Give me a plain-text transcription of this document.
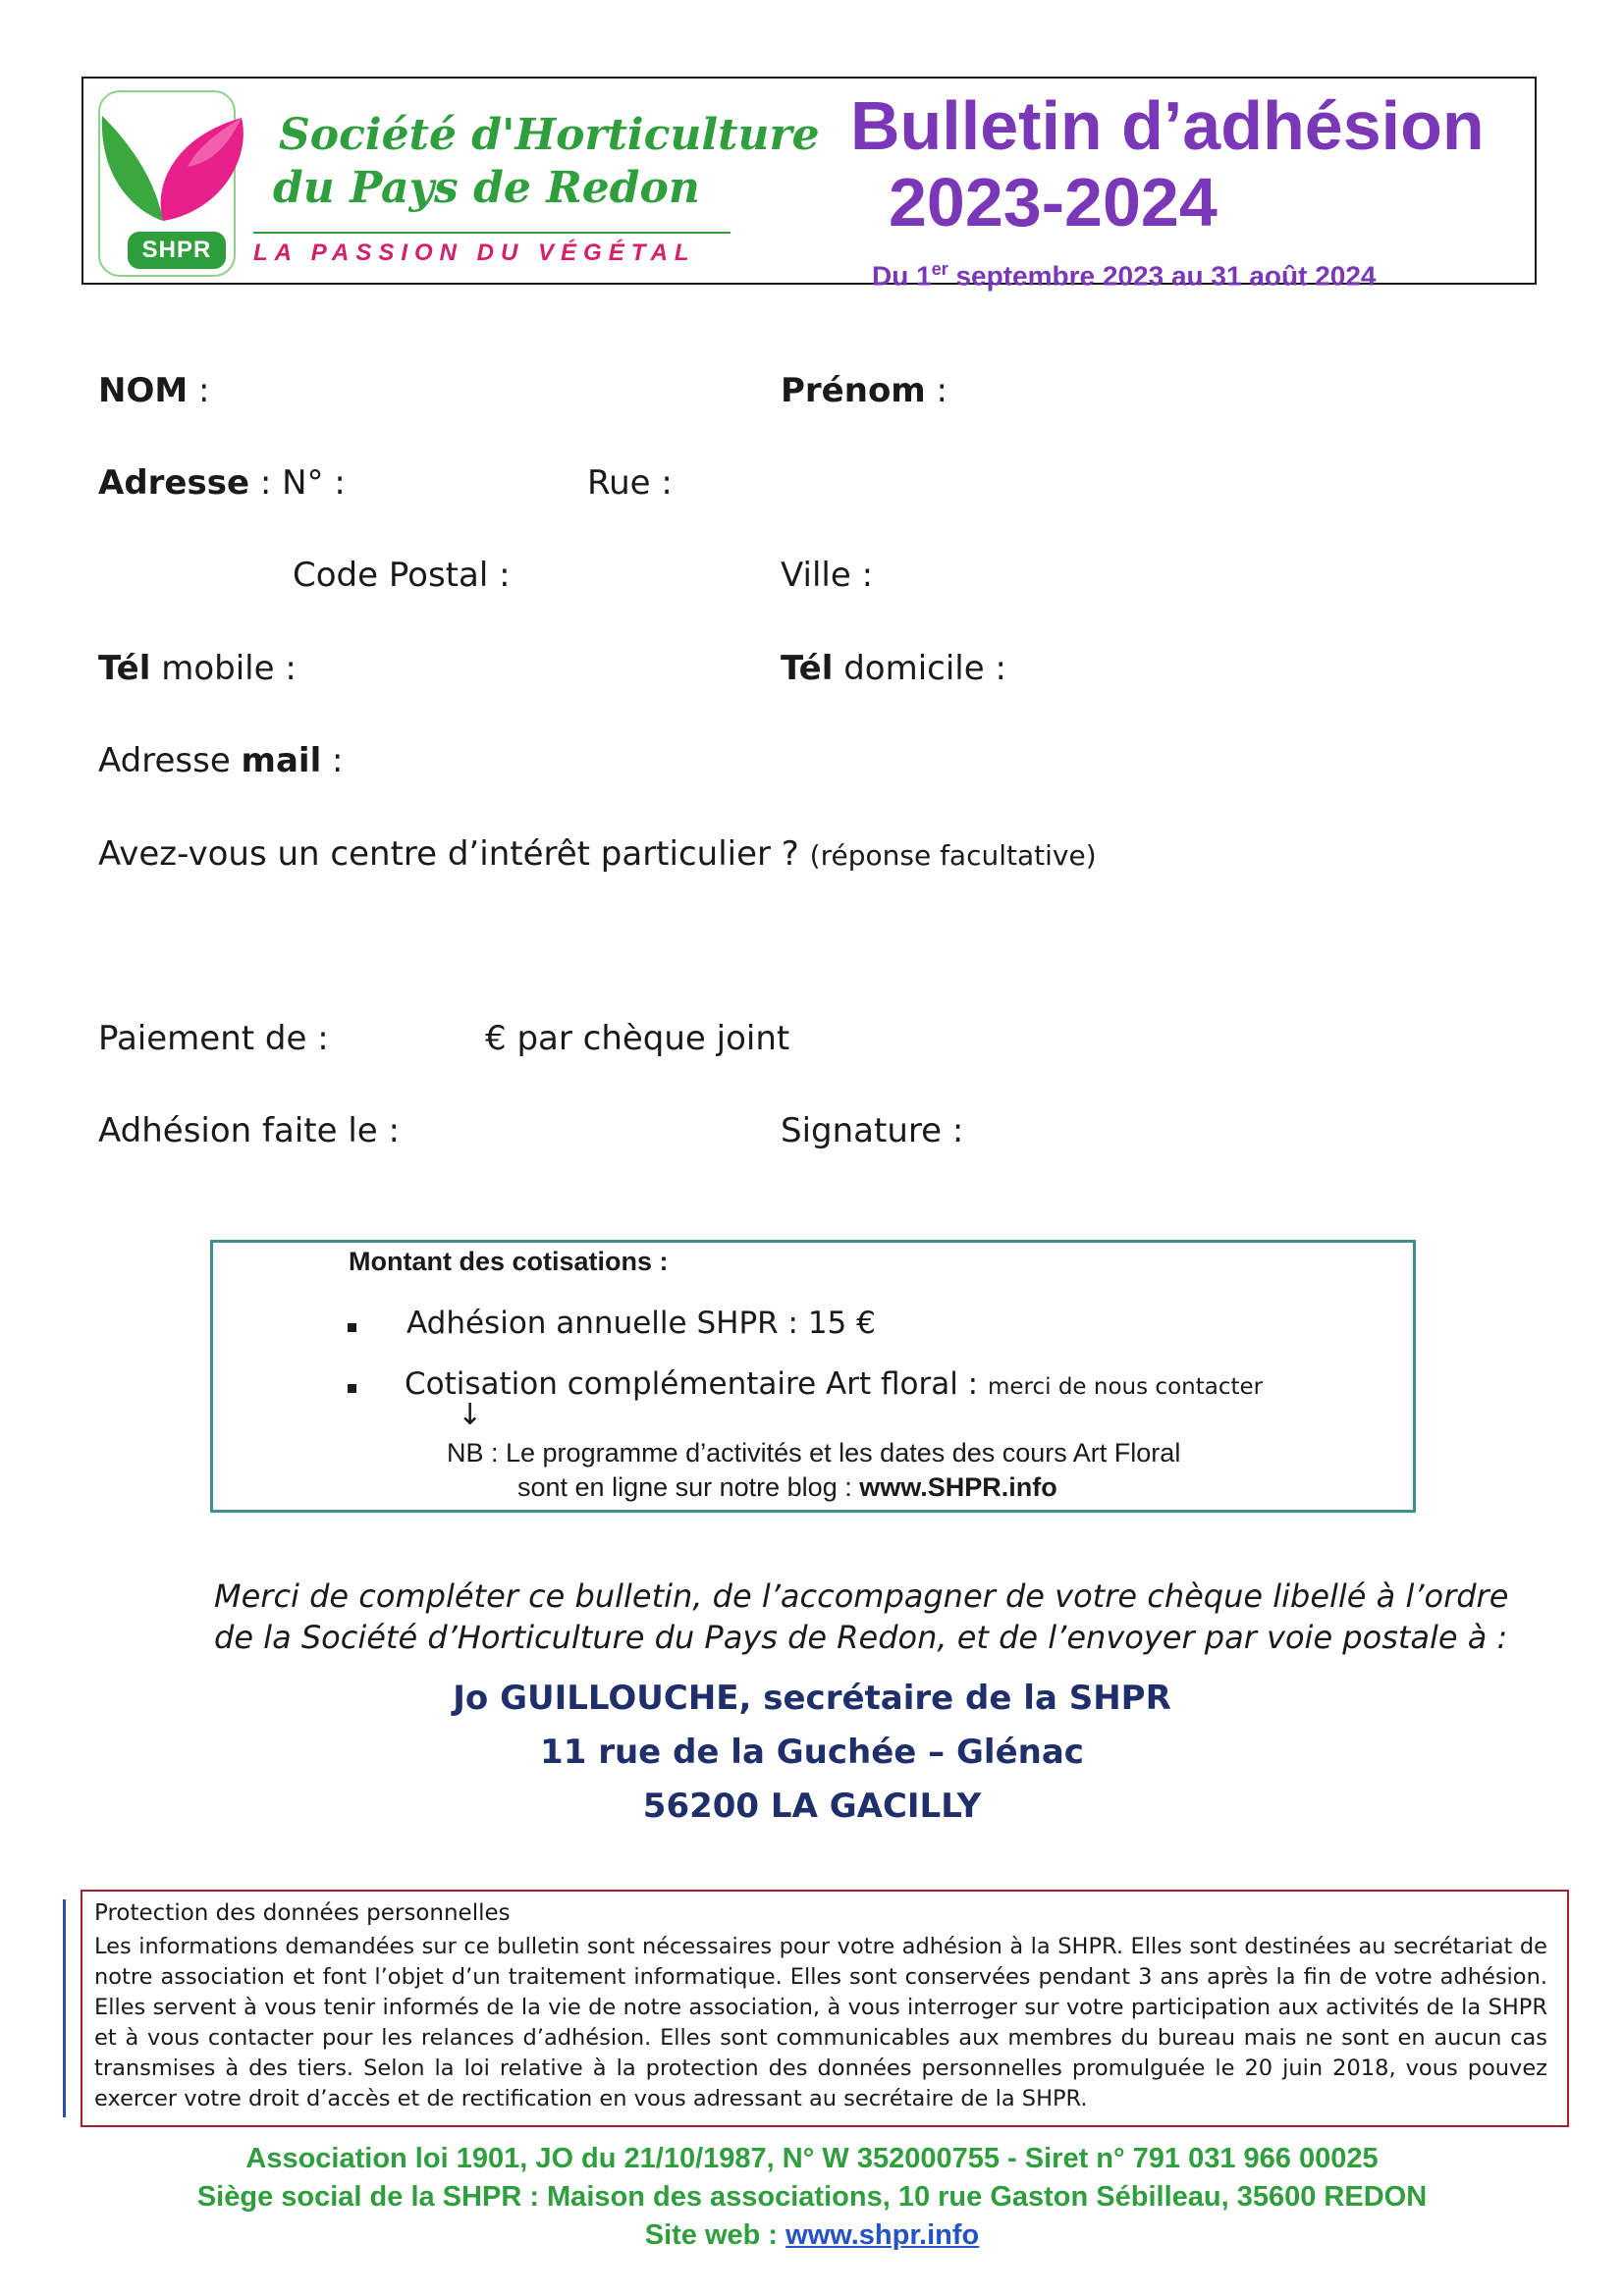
SHPR
Société d'Horticulture
du Pays de Redon
LA PASSION DU VÉGÉTAL
Bulletin d’adhésion
2023-2024
Du 1er septembre 2023 au 31 août 2024
NOM :	Prénom :
Adresse : N° :	Rue :
Code Postal :	Ville :
Tél mobile :	Tél domicile :
Adresse mail :
Avez-vous un centre d’intérêt particulier ? (réponse facultative)
Paiement de :	€ par chèque joint
Adhésion faite le :	Signature :
Montant des cotisations :
Adhésion annuelle SHPR : 15 €
Cotisation complémentaire Art floral : merci de nous contacter
↓
NB : Le programme d’activités et les dates des cours Art Floral
sont en ligne sur notre blog : www.SHPR.info
Merci de compléter ce bulletin, de l’accompagner de votre chèque libellé à l’ordre de la Société d’Horticulture du Pays de Redon, et de l’envoyer par voie postale à :
Jo GUILLOUCHE, secrétaire de la SHPR
11 rue de la Guchée – Glénac
56200 LA GACILLY
Protection des données personnelles
Les informations demandées sur ce bulletin sont nécessaires pour votre adhésion à la SHPR. Elles sont destinées au secrétariat de notre association et font l’objet d’un traitement informatique. Elles sont conservées pendant 3 ans après la fin de votre adhésion. Elles servent à vous tenir informés de la vie de notre association, à vous interroger sur votre participation aux activités de la SHPR et à vous contacter pour les relances d’adhésion. Elles sont communicables aux membres du bureau mais ne sont en aucun cas transmises à des tiers. Selon la loi relative à la protection des données personnelles promulguée le 20 juin 2018, vous pouvez exercer votre droit d’accès et de rectification en vous adressant au secrétaire de la SHPR.
Association loi 1901, JO du 21/10/1987, N° W 352000755 - Siret n° 791 031 966 00025
Siège social de la SHPR : Maison des associations, 10 rue Gaston Sébilleau, 35600 REDON
Site web : www.shpr.info
